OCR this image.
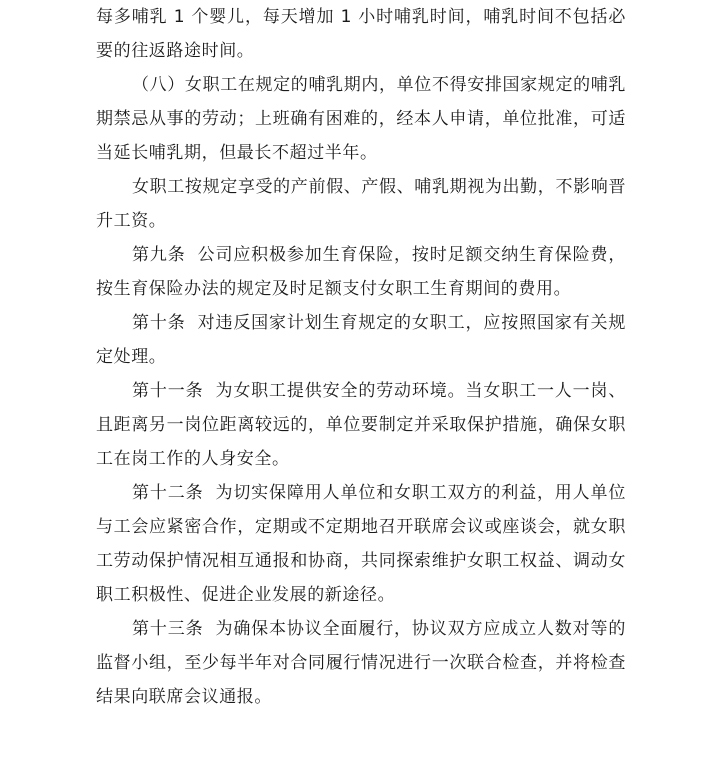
每多哺乳 1 个婴儿，每天增加 1 小时哺乳时间，哺乳时间不包括必要的往返路途时间。

（八）女职工在规定的哺乳期内，单位不得安排国家规定的哺乳期禁忌从事的劳动；上班确有困难的，经本人申请，单位批准，可适当延长哺乳期，但最长不超过半年。

女职工按规定享受的产前假、产假、哺乳期视为出勤，不影响晋升工资。

第九条 公司应积极参加生育保险，按时足额交纳生育保险费，按生育保险办法的规定及时足额支付女职工生育期间的费用。

第十条 对违反国家计划生育规定的女职工，应按照国家有关规定处理。

第十一条 为女职工提供安全的劳动环境。当女职工一人一岗、且距离另一岗位距离较远的，单位要制定并采取保护措施，确保女职工在岗工作的人身安全。

第十二条 为切实保障用人单位和女职工双方的利益，用人单位与工会应紧密合作，定期或不定期地召开联席会议或座谈会，就女职工劳动保护情况相互通报和协商，共同探索维护女职工权益、调动女职工积极性、促进企业发展的新途径。

第十三条 为确保本协议全面履行，协议双方应成立人数对等的监督小组，至少每半年对合同履行情况进行一次联合检查，并将检查结果向联席会议通报。
